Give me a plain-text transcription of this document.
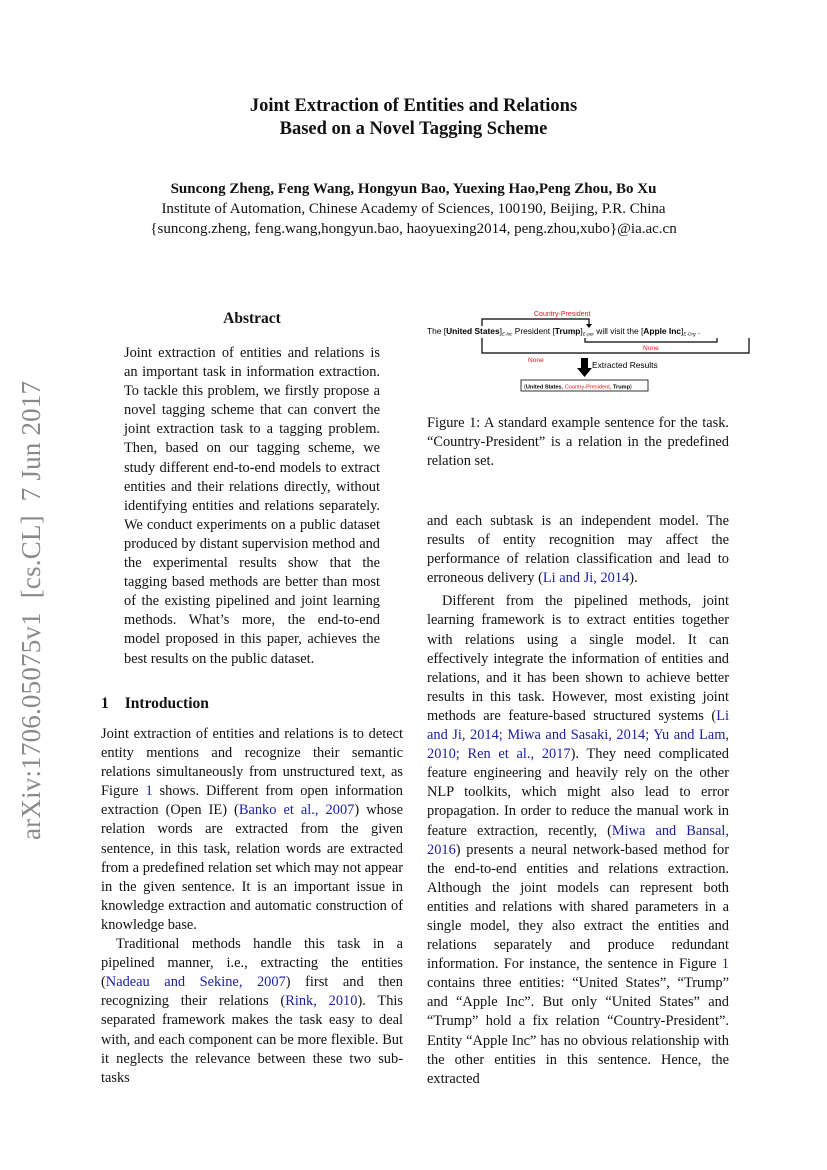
Joint Extraction of Entities and Relations
Based on a Novel Tagging Scheme
Suncong Zheng, Feng Wang, Hongyun Bao, Yuexing Hao,Peng Zhou, Bo Xu
Institute of Automation, Chinese Academy of Sciences, 100190, Beijing, P.R. China
{suncong.zheng, feng.wang,hongyun.bao, haoyuexing2014, peng.zhou,xubo}@ia.ac.cn
arXiv:1706.05075v1  [cs.CL]  7 Jun 2017
Abstract

Joint extraction of entities and relations is an important task in information extraction. To tackle this problem, we firstly propose a novel tagging scheme that can convert the joint extraction task to a tagging problem. Then, based on our tagging scheme, we study different end-to-end models to extract entities and their relations directly, without identifying entities and relations separately. We conduct experiments on a public dataset produced by distant supervision method and the experimental results show that the tagging based methods are better than most of the existing pipelined and joint learning methods. What’s more, the end-to-end model proposed in this paper, achieves the best results on the public dataset.

1 Introduction

Joint extraction of entities and relations is to detect entity mentions and recognize their semantic relations simultaneously from unstructured text, as Figure 1 shows. Different from open information extraction (Open IE) (Banko et al., 2007) whose relation words are extracted from the given sentence, in this task, relation words are extracted from a predefined relation set which may not appear in the given sentence. It is an important issue in knowledge extraction and automatic construction of knowledge base.

Traditional methods handle this task in a pipelined manner, i.e., extracting the entities (Nadeau and Sekine, 2007) first and then recognizing their relations (Rink, 2010). This separated framework makes the task easy to deal with, and each component can be more flexible. But it neglects the relevance between these two sub-tasks

Country-President
The [United States]E-loc President [Trump]E-per will visit the [Apple Inc]E-Org .
None
None	Extracted Results
{United States, Country-President, Trump}

Figure 1: A standard example sentence for the task. “Country-President” is a relation in the predefined relation set.

and each subtask is an independent model. The results of entity recognition may affect the performance of relation classification and lead to erroneous delivery (Li and Ji, 2014).

Different from the pipelined methods, joint learning framework is to extract entities together with relations using a single model. It can effectively integrate the information of entities and relations, and it has been shown to achieve better results in this task. However, most existing joint methods are feature-based structured systems (Li and Ji, 2014; Miwa and Sasaki, 2014; Yu and Lam, 2010; Ren et al., 2017). They need complicated feature engineering and heavily rely on the other NLP toolkits, which might also lead to error propagation. In order to reduce the manual work in feature extraction, recently, (Miwa and Bansal, 2016) presents a neural network-based method for the end-to-end entities and relations extraction. Although the joint models can represent both entities and relations with shared parameters in a single model, they also extract the entities and relations separately and produce redundant information. For instance, the sentence in Figure 1 contains three entities: “United States”, “Trump” and “Apple Inc”. But only “United States” and “Trump” hold a fix relation “Country-President”. Entity “Apple Inc” has no obvious relationship with the other entities in this sentence. Hence, the extracted
